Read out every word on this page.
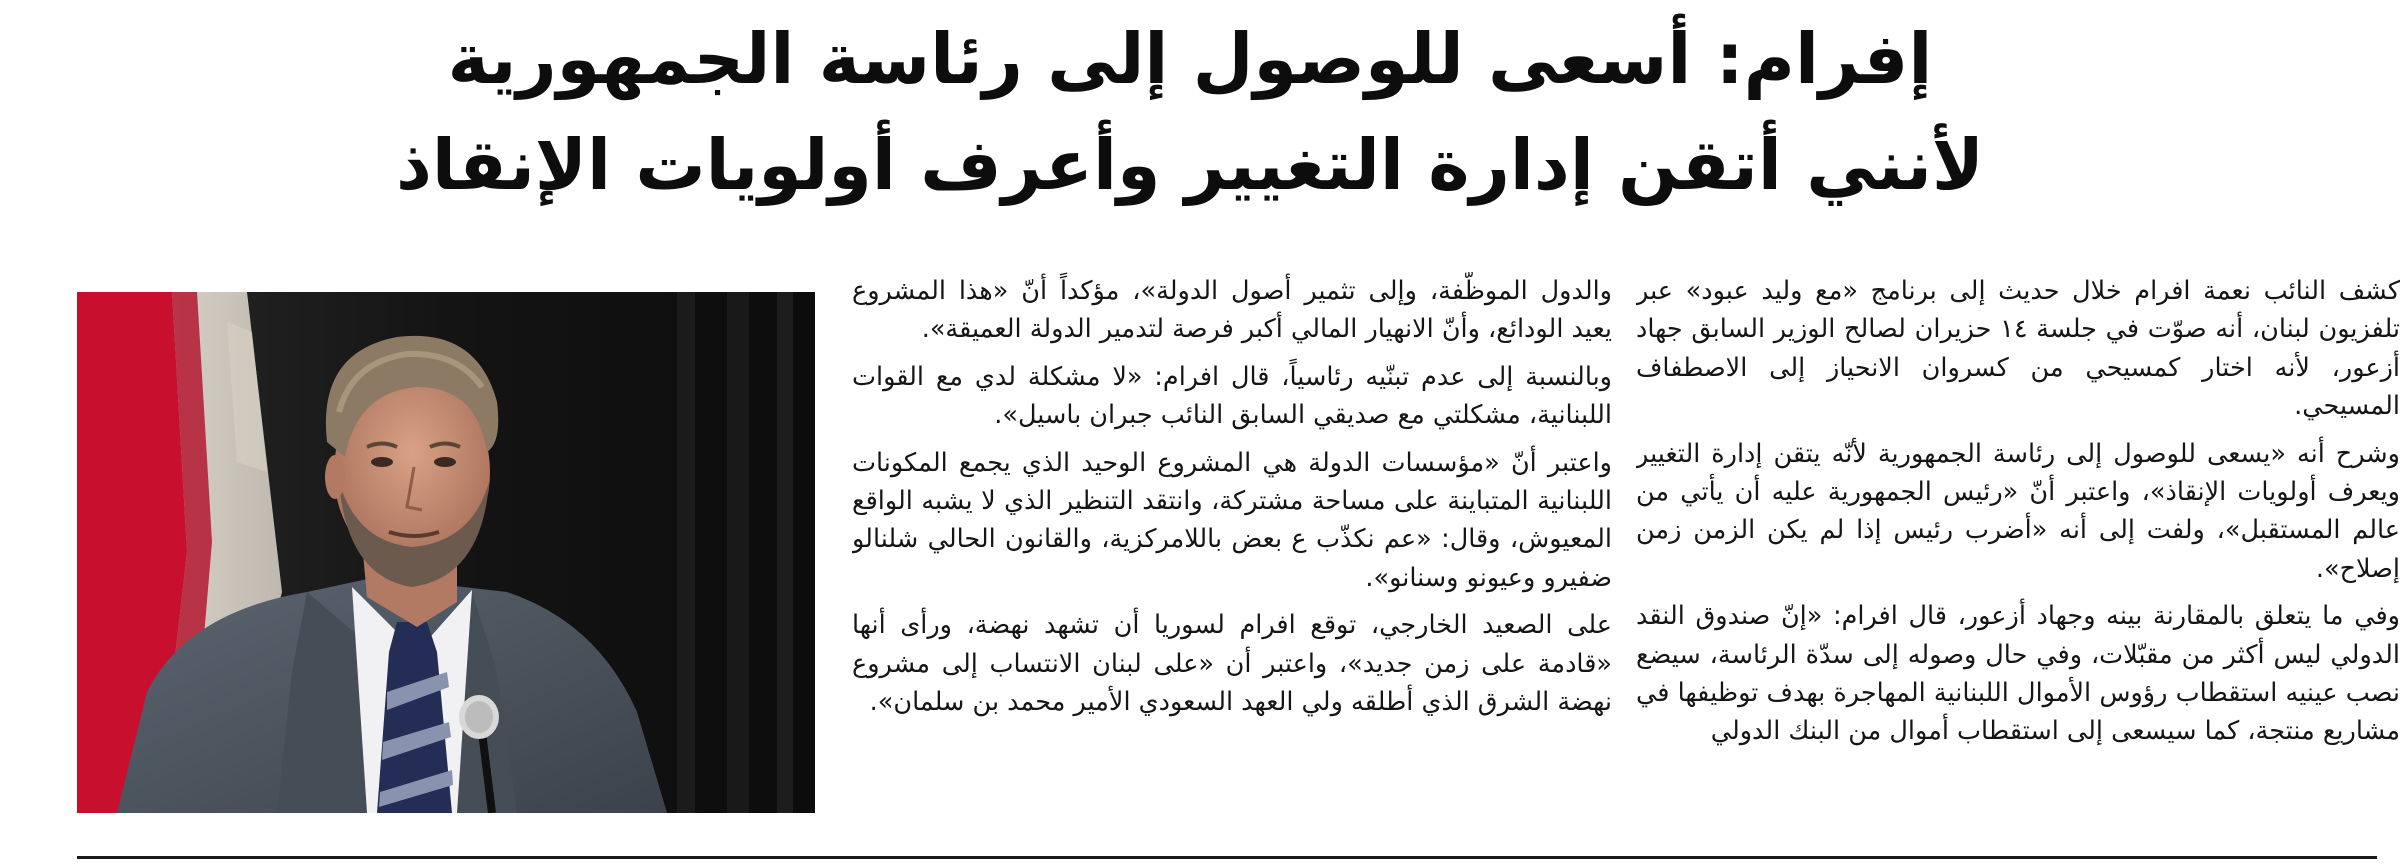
إفرام: أسعى للوصول إلى رئاسة الجمهورية
لأنني أتقن إدارة التغيير وأعرف أولويات الإنقاذ

كشف النائب نعمة افرام خلال حديث إلى برنامج «مع وليد عبود» عبر تلفزيون لبنان، أنه صوّت في جلسة ١٤ حزيران لصالح الوزير السابق جهاد أزعور، لأنه اختار كمسيحي من كسروان الانحياز إلى الاصطفاف المسيحي.

وشرح أنه «يسعى للوصول إلى رئاسة الجمهورية لأنّه يتقن إدارة التغيير ويعرف أولويات الإنقاذ»، واعتبر أنّ «رئيس الجمهورية عليه أن يأتي من عالم المستقبل»، ولفت إلى أنه «أضرب رئيس إذا لم يكن الزمن زمن إصلاح».

وفي ما يتعلق بالمقارنة بينه وجهاد أزعور، قال افرام: «إنّ صندوق النقد الدولي ليس أكثر من مقبّلات، وفي حال وصوله إلى سدّة الرئاسة، سيضع نصب عينيه استقطاب رؤوس الأموال اللبنانية المهاجرة بهدف توظيفها في مشاريع منتجة، كما سيسعى إلى استقطاب أموال من البنك الدولي

والدول الموظّفة، وإلى تثمير أصول الدولة»، مؤكداً أنّ «هذا المشروع يعيد الودائع، وأنّ الانهيار المالي أكبر فرصة لتدمير الدولة العميقة».

وبالنسبة إلى عدم تبنّيه رئاسياً، قال افرام: «لا مشكلة لدي مع القوات اللبنانية، مشكلتي مع صديقي السابق النائب جبران باسيل».

واعتبر أنّ «مؤسسات الدولة هي المشروع الوحيد الذي يجمع المكونات اللبنانية المتباينة على مساحة مشتركة، وانتقد التنظير الذي لا يشبه الواقع المعيوش، وقال: «عم نكذّب ع بعض باللامركزية، والقانون الحالي شلنالو ضفيرو وعيونو وسنانو».

على الصعيد الخارجي، توقع افرام لسوريا أن تشهد نهضة، ورأى أنها «قادمة على زمن جديد»، واعتبر أن «على لبنان الانتساب إلى مشروع نهضة الشرق الذي أطلقه ولي العهد السعودي الأمير محمد بن سلمان».
